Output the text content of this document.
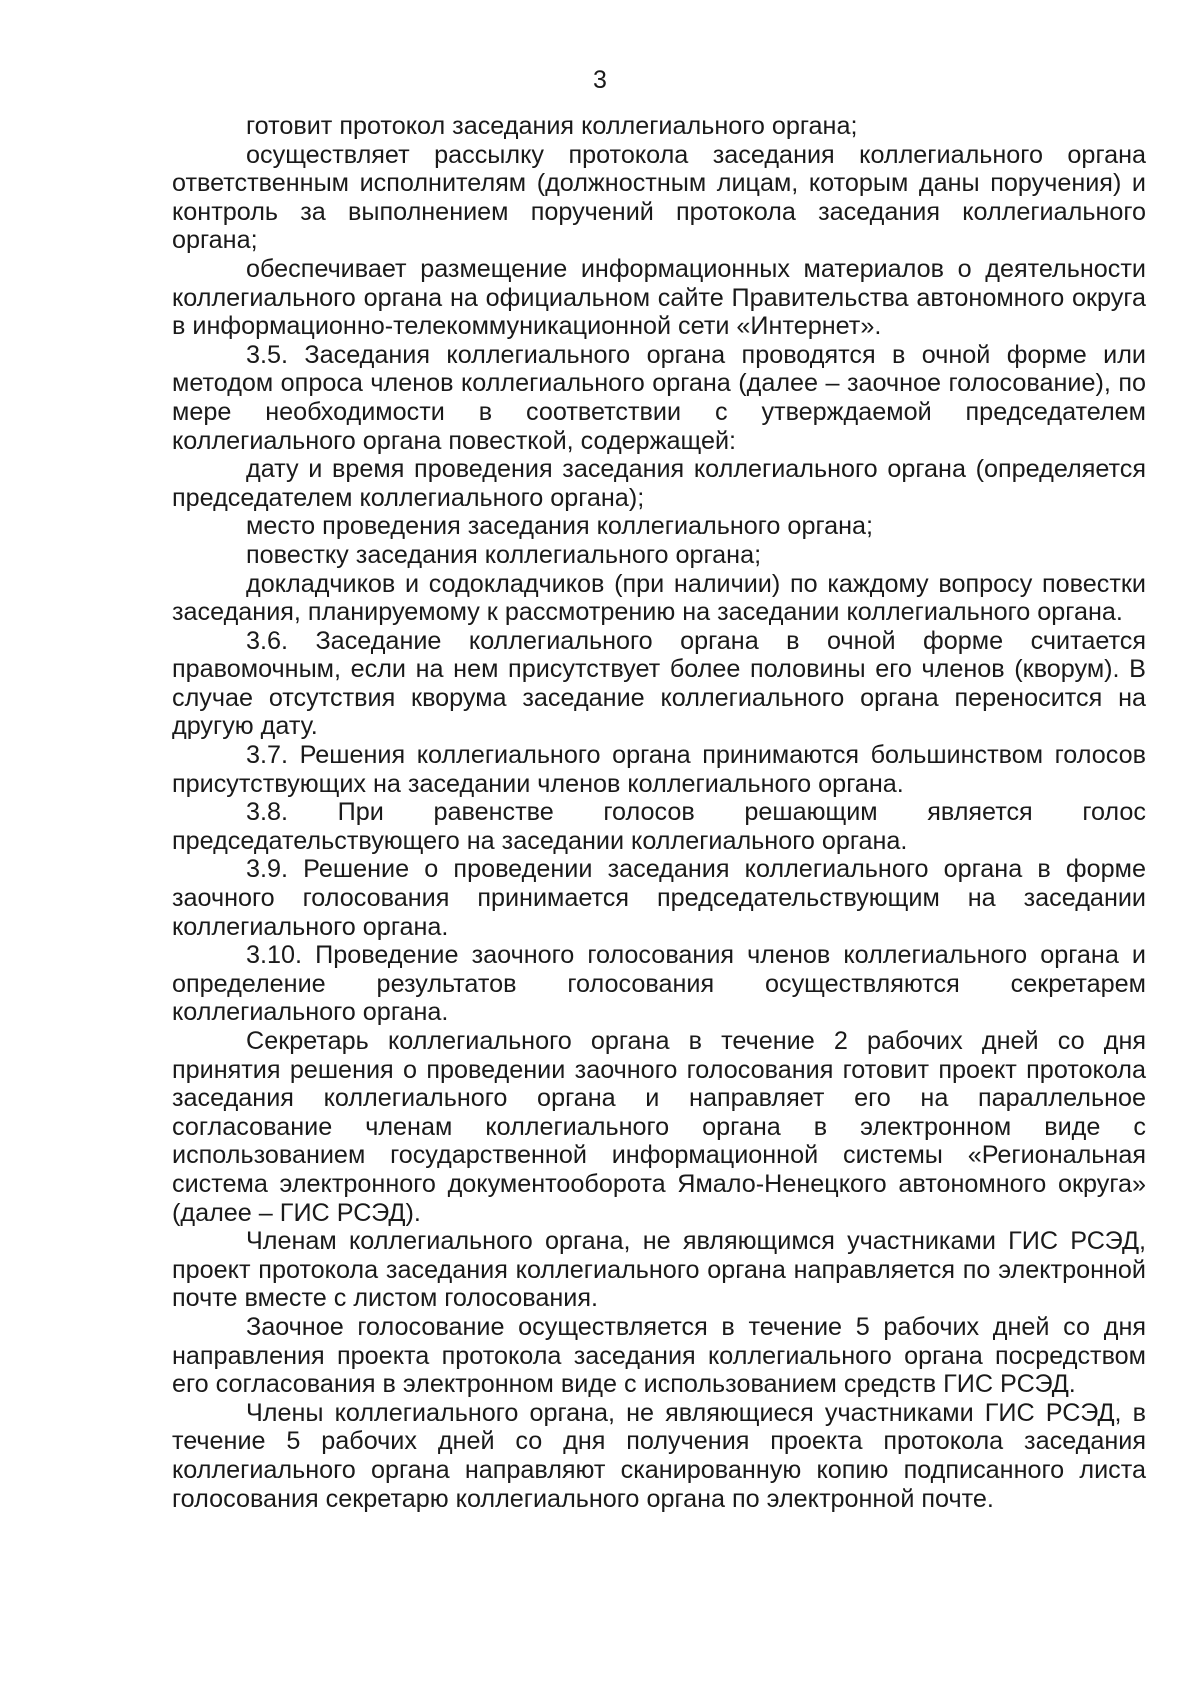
3

готовит протокол заседания коллегиального органа;

осуществляет рассылку протокола заседания коллегиального органа ответственным исполнителям (должностным лицам, которым даны поручения) и контроль за выполнением поручений протокола заседания коллегиального органа;

обеспечивает размещение информационных материалов о деятельности коллегиального органа на официальном сайте Правительства автономного округа в информационно-телекоммуникационной сети «Интернет».

3.5. Заседания коллегиального органа проводятся в очной форме или методом опроса членов коллегиального органа (далее – заочное голосование), по мере необходимости в соответствии с утверждаемой председателем коллегиального органа повесткой, содержащей:

дату и время проведения заседания коллегиального органа (определяется председателем коллегиального органа);

место проведения заседания коллегиального органа;

повестку заседания коллегиального органа;

докладчиков и содокладчиков (при наличии) по каждому вопросу повестки заседания, планируемому к рассмотрению на заседании коллегиального органа.

3.6. Заседание коллегиального органа в очной форме считается правомочным, если на нем присутствует более половины его членов (кворум). В случае отсутствия кворума заседание коллегиального органа переносится на другую дату.

3.7. Решения коллегиального органа принимаются большинством голосов присутствующих на заседании членов коллегиального органа.

3.8. При равенстве голосов решающим является голос председательствующего на заседании коллегиального органа.

3.9. Решение о проведении заседания коллегиального органа в форме заочного голосования принимается председательствующим на заседании коллегиального органа.

3.10. Проведение заочного голосования членов коллегиального органа и определение результатов голосования осуществляются секретарем коллегиального органа.

Секретарь коллегиального органа в течение 2 рабочих дней со дня принятия решения о проведении заочного голосования готовит проект протокола заседания коллегиального органа и направляет его на параллельное согласование членам коллегиального органа в электронном виде с использованием государственной информационной системы «Региональная система электронного документооборота Ямало-Ненецкого автономного округа» (далее – ГИС РСЭД).

Членам коллегиального органа, не являющимся участниками ГИС РСЭД, проект протокола заседания коллегиального органа направляется по электронной почте вместе с листом голосования.

Заочное голосование осуществляется в течение 5 рабочих дней со дня направления проекта протокола заседания коллегиального органа посредством его согласования в электронном виде с использованием средств ГИС РСЭД.

Члены коллегиального органа, не являющиеся участниками ГИС РСЭД, в течение 5 рабочих дней со дня получения проекта протокола заседания коллегиального органа направляют сканированную копию подписанного листа голосования секретарю коллегиального органа по электронной почте.
